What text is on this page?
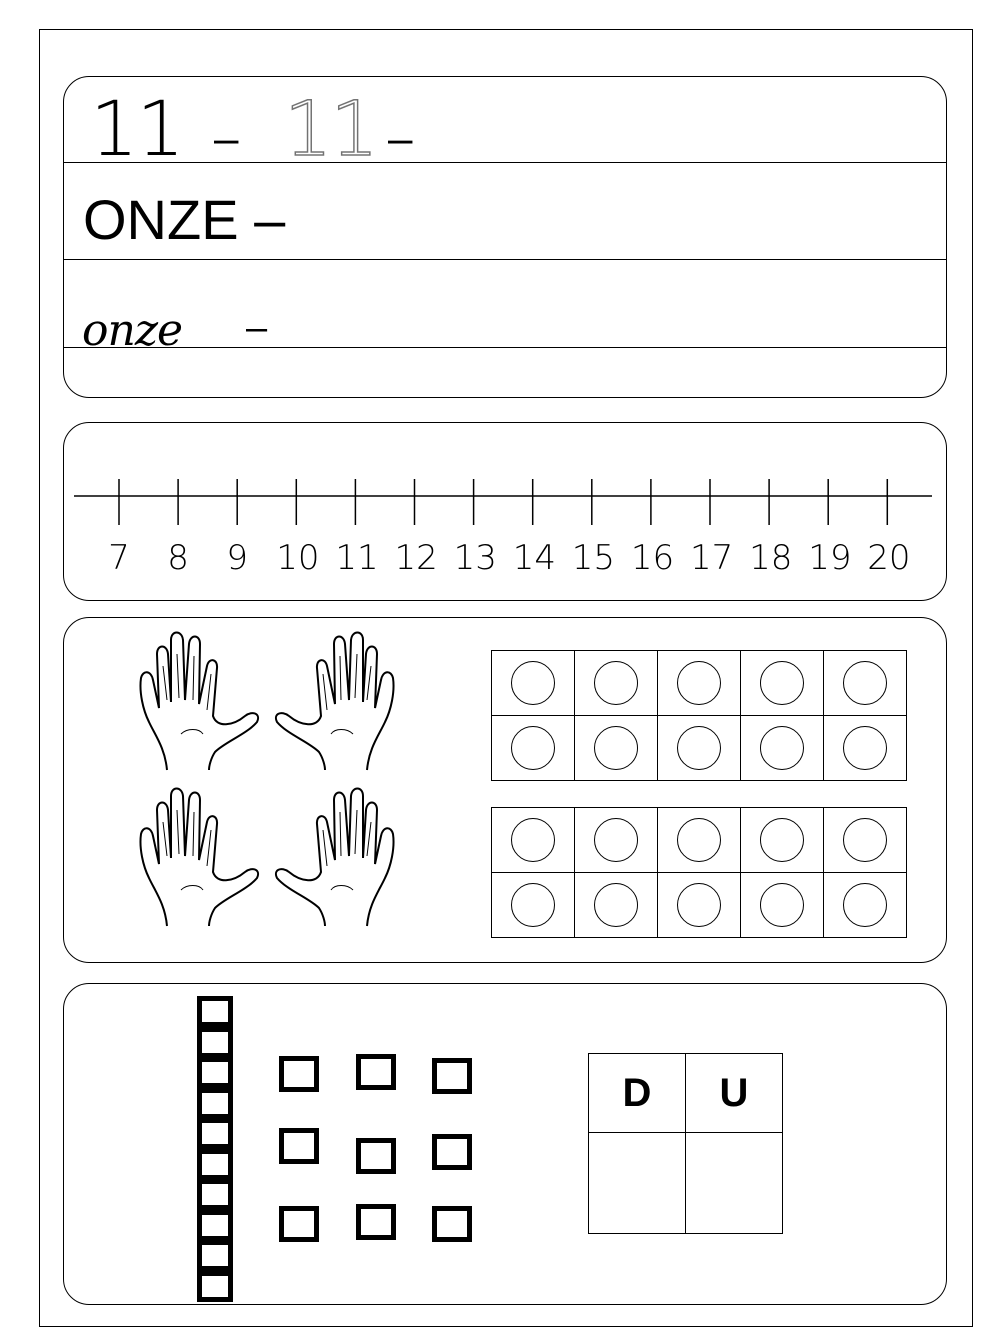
11 – 11 –
ONZE –
onze –
7 8 9 10 11 12 13 14 15 16 17 18 19 20

D	U
